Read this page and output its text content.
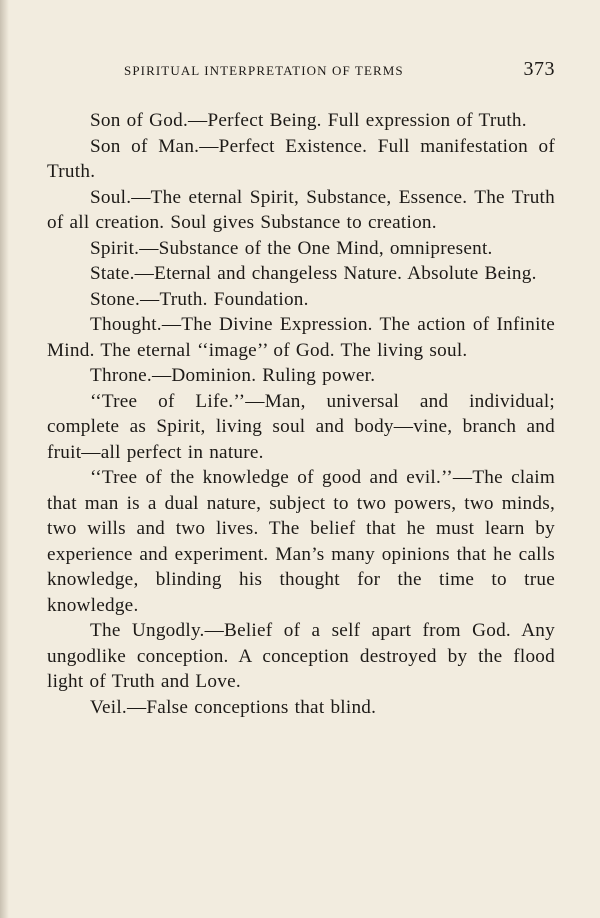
SPIRITUAL INTERPRETATION OF TERMS	373

Son of God.—Perfect Being. Full expression of Truth.

Son of Man.—Perfect Existence. Full manifestation of Truth.

Soul.—The eternal Spirit, Substance, Essence. The Truth of all creation. Soul gives Substance to creation.

Spirit.—Substance of the One Mind, omnipresent.

State.—Eternal and changeless Nature. Absolute Being.

Stone.—Truth. Foundation.

Thought.—The Divine Expression. The action of Infinite Mind. The eternal ‘‘image’’ of God. The living soul.

Throne.—Dominion. Ruling power.

‘‘Tree of Life.’’—Man, universal and individual; complete as Spirit, living soul and body—vine, branch and fruit—all perfect in nature.

‘‘Tree of the knowledge of good and evil.’’—The claim that man is a dual nature, subject to two powers, two minds, two wills and two lives. The belief that he must learn by experience and experiment. Man’s many opinions that he calls knowledge, blinding his thought for the time to true knowledge.

The Ungodly.—Belief of a self apart from God. Any ungodlike conception. A conception destroyed by the flood light of Truth and Love.

Veil.—False conceptions that blind.
